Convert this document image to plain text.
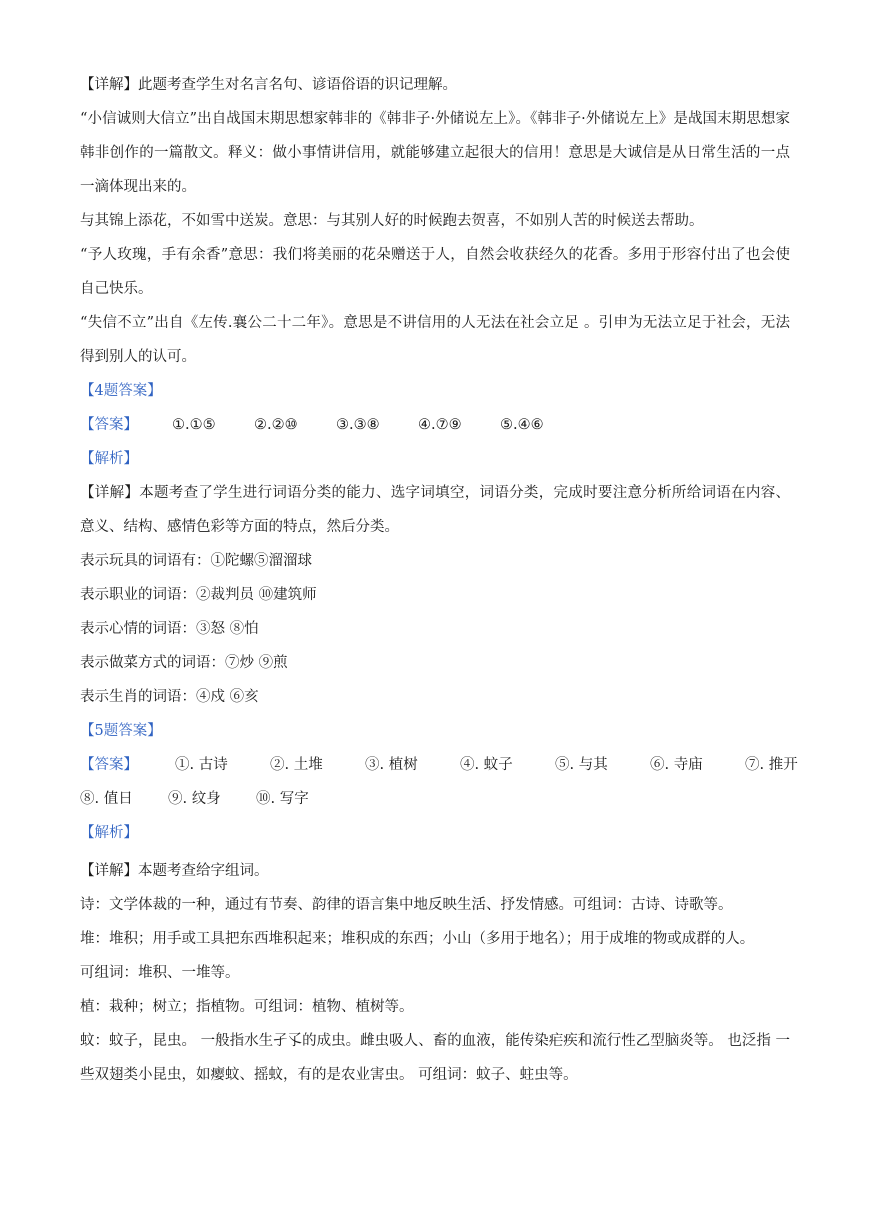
【详解】此题考查学生对名言名句、谚语俗语的识记理解。

“小信诚则大信立”出自战国末期思想家韩非的《韩非子·外储说左上》。《韩非子·外储说左上》是战国末期思想家韩非创作的一篇散文。释义：做小事情讲信用，就能够建立起很大的信用！意思是大诚信是从日常生活的一点一滴体现出来的。

与其锦上添花，不如雪中送炭。意思：与其别人好的时候跑去贺喜，不如别人苦的时候送去帮助。

“予人玫瑰，手有余香”意思：我们将美丽的花朵赠送于人，自然会收获经久的花香。多用于形容付出了也会使自己快乐。

“失信不立”出自《左传.襄公二十二年》。意思是不讲信用的人无法在社会立足 。引申为无法立足于社会，无法得到别人的认可。

【4题答案】

【答案】	①.①⑤	②.②⑩	③.③⑧	④.⑦⑨	⑤.④⑥

【解析】

【详解】本题考查了学生进行词语分类的能力、选字词填空，词语分类，完成时要注意分析所给词语在内容、意义、结构、感情色彩等方面的特点，然后分类。

表示玩具的词语有：①陀螺⑤溜溜球

表示职业的词语：②裁判员 ⑩建筑师

表示心情的词语：③怒 ⑧怕

表示做菜方式的词语：⑦炒 ⑨煎

表示生肖的词语：④戍 ⑥亥

【5题答案】

【答案】	①. 古诗	②. 土堆	③. 植树	④. 蚊子	⑤. 与其	⑥. 寺庙	⑦. 推开
⑧. 值日	⑨. 纹身	⑩. 写字

【解析】

【详解】本题考查给字组词。

诗：文学体裁的一种，通过有节奏、韵律的语言集中地反映生活、抒发情感。可组词：古诗、诗歌等。

堆：堆积；用手或工具把东西堆积起来；堆积成的东西；小山（多用于地名）；用于成堆的物或成群的人。

可组词：堆积、一堆等。

植：栽种；树立；指植物。可组词：植物、植树等。

蚊：蚊子，昆虫。 一般指水生孑孓的成虫。雌虫吸人、畜的血液，能传染疟疾和流行性乙型脑炎等。 也泛指 一些双翅类小昆虫，如瘿蚊、摇蚊，有的是农业害虫。 可组词：蚊子、蛀虫等。
